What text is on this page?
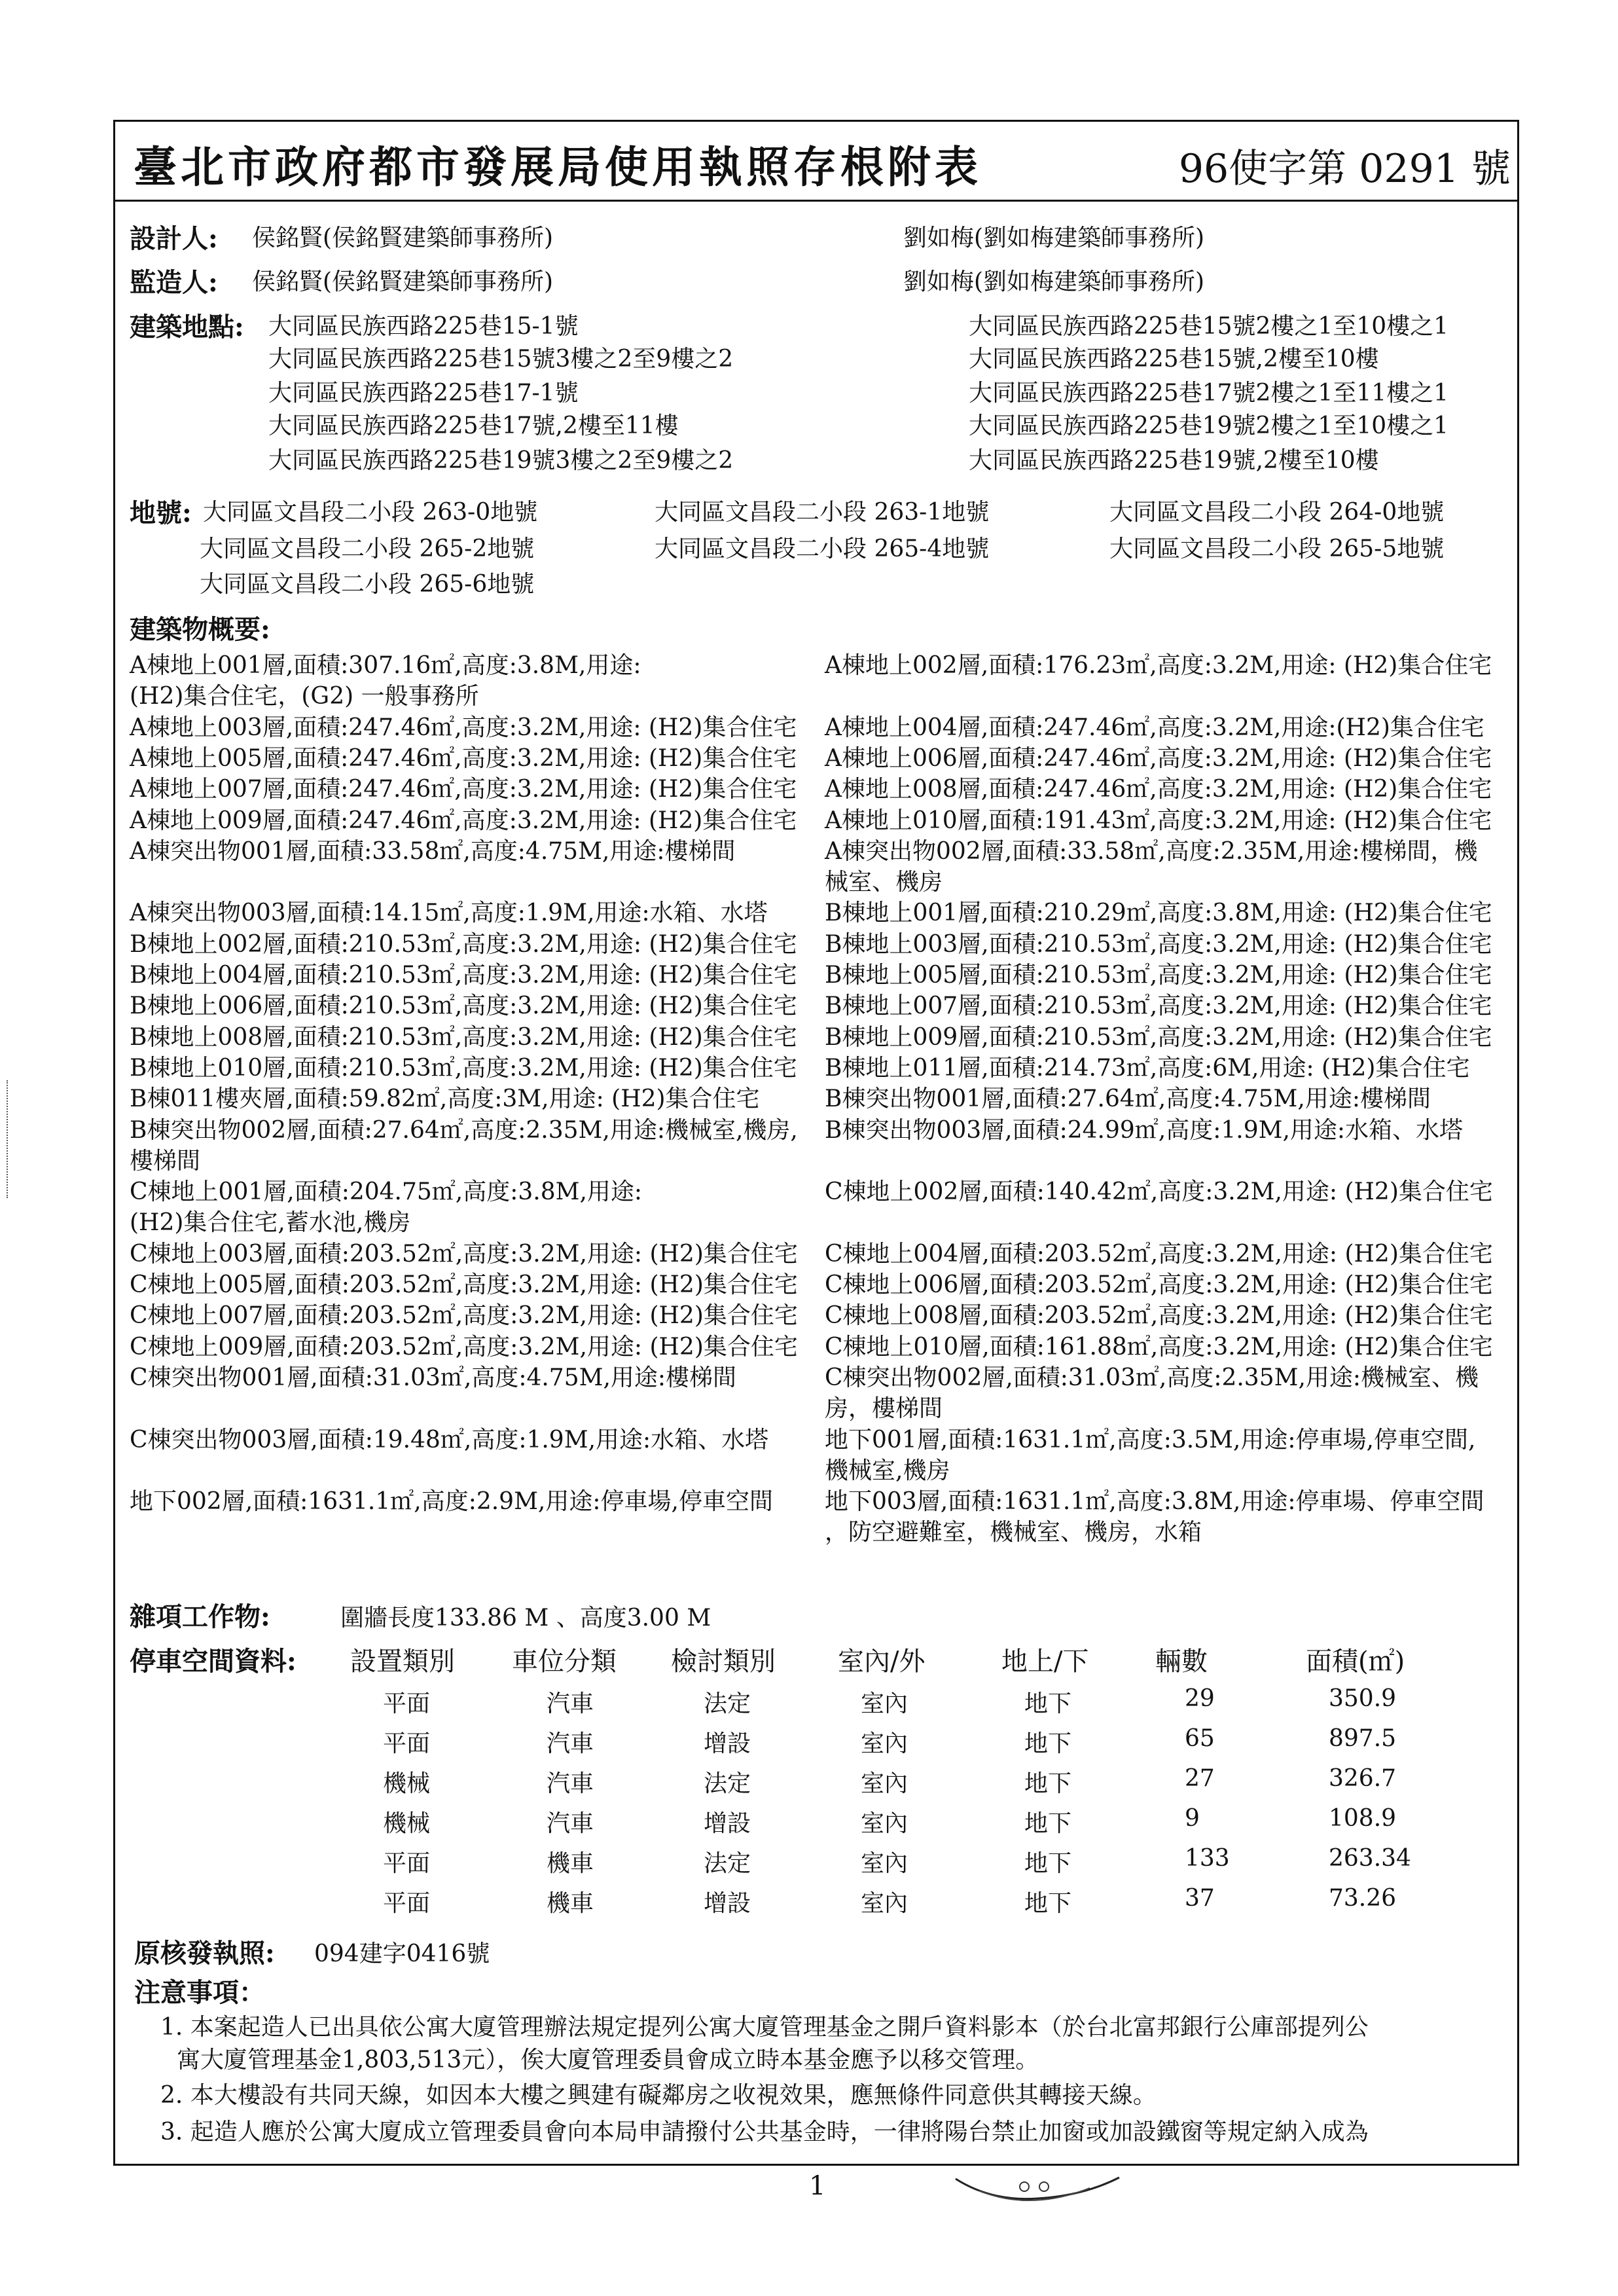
臺北市政府都市發展局使用執照存根附表	96使字第 0291 號
設計人: 侯銘賢(侯銘賢建築師事務所)	劉如梅(劉如梅建築師事務所)
監造人: 侯銘賢(侯銘賢建築師事務所)	劉如梅(劉如梅建築師事務所)
建築地點: 大同區民族西路225巷15-1號
大同區民族西路225巷15號3樓之2至9樓之2
大同區民族西路225巷17-1號
大同區民族西路225巷17號,2樓至11樓
大同區民族西路225巷19號3樓之2至9樓之2
大同區民族西路225巷15號2樓之1至10樓之1
大同區民族西路225巷15號,2樓至10樓
大同區民族西路225巷17號2樓之1至11樓之1
大同區民族西路225巷19號2樓之1至10樓之1
大同區民族西路225巷19號,2樓至10樓
地號: 大同區文昌段二小段 263-0地號	大同區文昌段二小段 263-1地號	大同區文昌段二小段 264-0地號
大同區文昌段二小段 265-2地號	大同區文昌段二小段 265-4地號	大同區文昌段二小段 265-5地號
大同區文昌段二小段 265-6地號
建築物概要:
A棟地上001層,面積:307.16㎡,高度:3.8M,用途:	A棟地上002層,面積:176.23㎡,高度:3.2M,用途: (H2)集合住宅
(H2)集合住宅，(G2) 一般事務所
A棟地上003層,面積:247.46㎡,高度:3.2M,用途: (H2)集合住宅 A棟地上004層,面積:247.46㎡,高度:3.2M,用途:(H2)集合住宅
A棟地上005層,面積:247.46㎡,高度:3.2M,用途: (H2)集合住宅 A棟地上006層,面積:247.46㎡,高度:3.2M,用途: (H2)集合住宅
A棟地上007層,面積:247.46㎡,高度:3.2M,用途: (H2)集合住宅 A棟地上008層,面積:247.46㎡,高度:3.2M,用途: (H2)集合住宅
A棟地上009層,面積:247.46㎡,高度:3.2M,用途: (H2)集合住宅 A棟地上010層,面積:191.43㎡,高度:3.2M,用途: (H2)集合住宅
A棟突出物001層,面積:33.58㎡,高度:4.75M,用途:樓梯間	A棟突出物002層,面積:33.58㎡,高度:2.35M,用途:樓梯間，機
械室、機房
A棟突出物003層,面積:14.15㎡,高度:1.9M,用途:水箱、水塔 B棟地上001層,面積:210.29㎡,高度:3.8M,用途: (H2)集合住宅
B棟地上002層,面積:210.53㎡,高度:3.2M,用途: (H2)集合住宅 B棟地上003層,面積:210.53㎡,高度:3.2M,用途: (H2)集合住宅
B棟地上004層,面積:210.53㎡,高度:3.2M,用途: (H2)集合住宅 B棟地上005層,面積:210.53㎡,高度:3.2M,用途: (H2)集合住宅
B棟地上006層,面積:210.53㎡,高度:3.2M,用途: (H2)集合住宅 B棟地上007層,面積:210.53㎡,高度:3.2M,用途: (H2)集合住宅
B棟地上008層,面積:210.53㎡,高度:3.2M,用途: (H2)集合住宅 B棟地上009層,面積:210.53㎡,高度:3.2M,用途: (H2)集合住宅
B棟地上010層,面積:210.53㎡,高度:3.2M,用途: (H2)集合住宅 B棟地上011層,面積:214.73㎡,高度:6M,用途: (H2)集合住宅
B棟011樓夾層,面積:59.82㎡,高度:3M,用途: (H2)集合住宅	B棟突出物001層,面積:27.64㎡,高度:4.75M,用途:樓梯間
B棟突出物002層,面積:27.64㎡,高度:2.35M,用途:機械室,機房, B棟突出物003層,面積:24.99㎡,高度:1.9M,用途:水箱、水塔
樓梯間
C棟地上001層,面積:204.75㎡,高度:3.8M,用途:	C棟地上002層,面積:140.42㎡,高度:3.2M,用途: (H2)集合住宅
(H2)集合住宅,蓄水池,機房
C棟地上003層,面積:203.52㎡,高度:3.2M,用途: (H2)集合住宅 C棟地上004層,面積:203.52㎡,高度:3.2M,用途: (H2)集合住宅
C棟地上005層,面積:203.52㎡,高度:3.2M,用途: (H2)集合住宅 C棟地上006層,面積:203.52㎡,高度:3.2M,用途: (H2)集合住宅
C棟地上007層,面積:203.52㎡,高度:3.2M,用途: (H2)集合住宅 C棟地上008層,面積:203.52㎡,高度:3.2M,用途: (H2)集合住宅
C棟地上009層,面積:203.52㎡,高度:3.2M,用途: (H2)集合住宅 C棟地上010層,面積:161.88㎡,高度:3.2M,用途: (H2)集合住宅
C棟突出物001層,面積:31.03㎡,高度:4.75M,用途:樓梯間	C棟突出物002層,面積:31.03㎡,高度:2.35M,用途:機械室、機
房，樓梯間
C棟突出物003層,面積:19.48㎡,高度:1.9M,用途:水箱、水塔 地下001層,面積:1631.1㎡,高度:3.5M,用途:停車場,停車空間,
機械室,機房
地下002層,面積:1631.1㎡,高度:2.9M,用途:停車場,停車空間 地下003層,面積:1631.1㎡,高度:3.8M,用途:停車場、停車空間
，防空避難室，機械室、機房，水箱
雜項工作物:	圍牆長度133.86 M 、高度3.00 M
停車空間資料: 設置類別 車位分類 檢討類別 室內/外	地上/下	輛數	面積(㎡)
平面	汽車	法定	室內	地下	29	350.9
平面	汽車	增設	室內	地下	65	897.5
機械	汽車	法定	室內	地下	27	326.7
機械	汽車	增設	室內	地下	9	108.9
平面	機車	法定	室內	地下	133	263.34
平面	機車	增設	室內	地下	37	73.26
原核發執照: 094建字0416號
注意事項：
1. 本案起造人已出具依公寓大廈管理辦法規定提列公寓大廈管理基金之開戶資料影本（於台北富邦銀行公庫部提列公
寓大廈管理基金1,803,513元），俟大廈管理委員會成立時本基金應予以移交管理。
2. 本大樓設有共同天線，如因本大樓之興建有礙鄰房之收視效果，應無條件同意供其轉接天線。
3. 起造人應於公寓大廈成立管理委員會向本局申請撥付公共基金時，一律將陽台禁止加窗或加設鐵窗等規定納入成為
1
